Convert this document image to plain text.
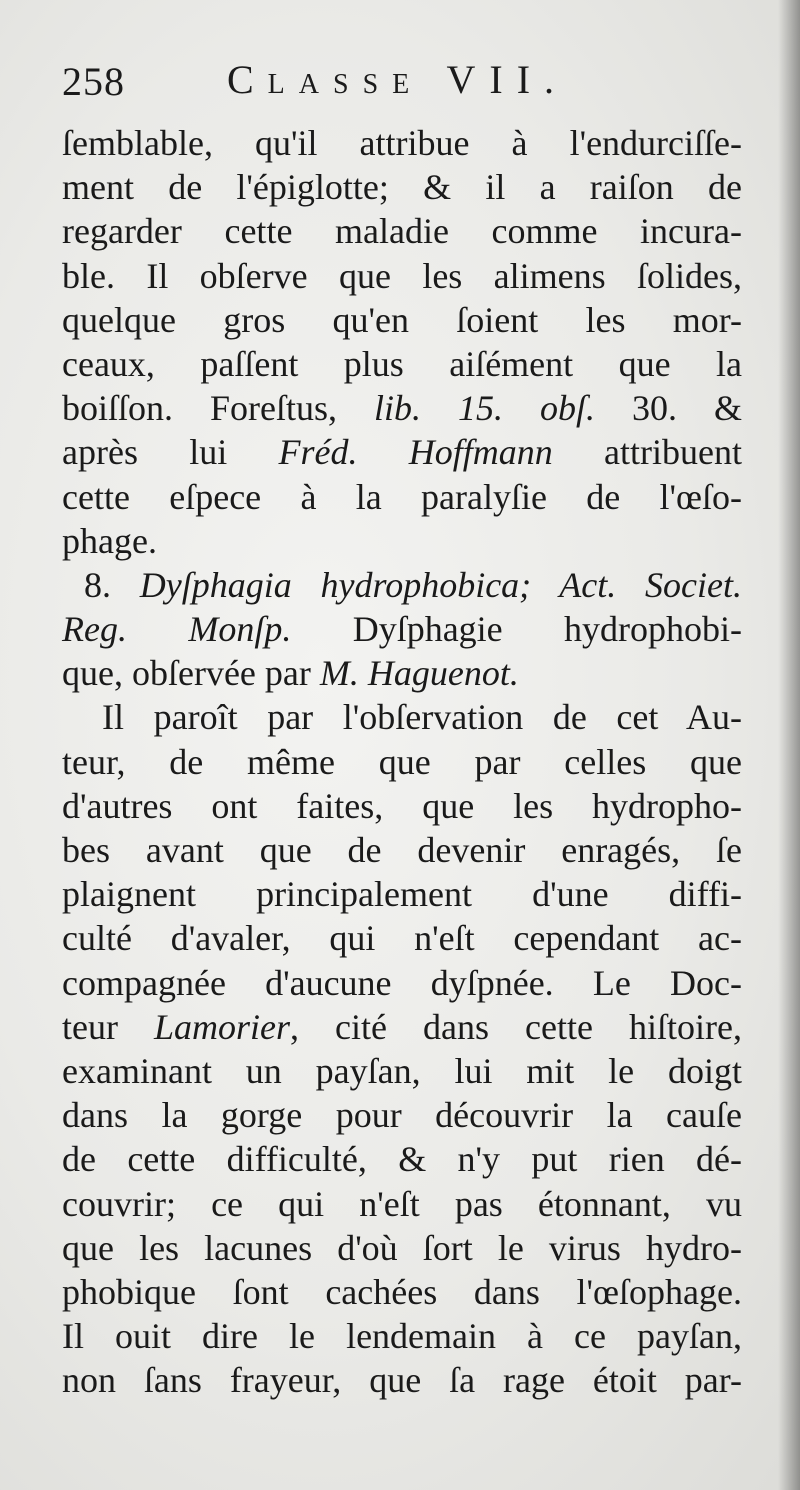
258	Classe VII.
ſemblable, qu'il attribue à l'endurciſſe-
ment de l'épiglotte; & il a raiſon de
regarder cette maladie comme incura-
ble. Il obſerve que les alimens ſolides,
quelque gros qu'en ſoient les mor-
ceaux, paſſent plus aiſément que la
boiſſon. Foreſtus, lib. 15. obſ. 30. &
après lui Fréd. Hoffmann attribuent
cette eſpece à la paralyſie de l'œſo-
phage.
8. Dyſphagia hydrophobica; Act. Societ.
Reg. Monſp. Dyſphagie hydrophobi-
que, obſervée par M. Haguenot.
Il paroît par l'obſervation de cet Au-
teur, de même que par celles que
d'autres ont faites, que les hydropho-
bes avant que de devenir enragés, ſe
plaignent principalement d'une diffi-
culté d'avaler, qui n'eſt cependant ac-
compagnée d'aucune dyſpnée. Le Doc-
teur Lamorier, cité dans cette hiſtoire,
examinant un payſan, lui mit le doigt
dans la gorge pour découvrir la cauſe
de cette difficulté, & n'y put rien dé-
couvrir; ce qui n'eſt pas étonnant, vu
que les lacunes d'où ſort le virus hydro-
phobique ſont cachées dans l'œſophage.
Il ouit dire le lendemain à ce payſan,
non ſans frayeur, que ſa rage étoit par-
